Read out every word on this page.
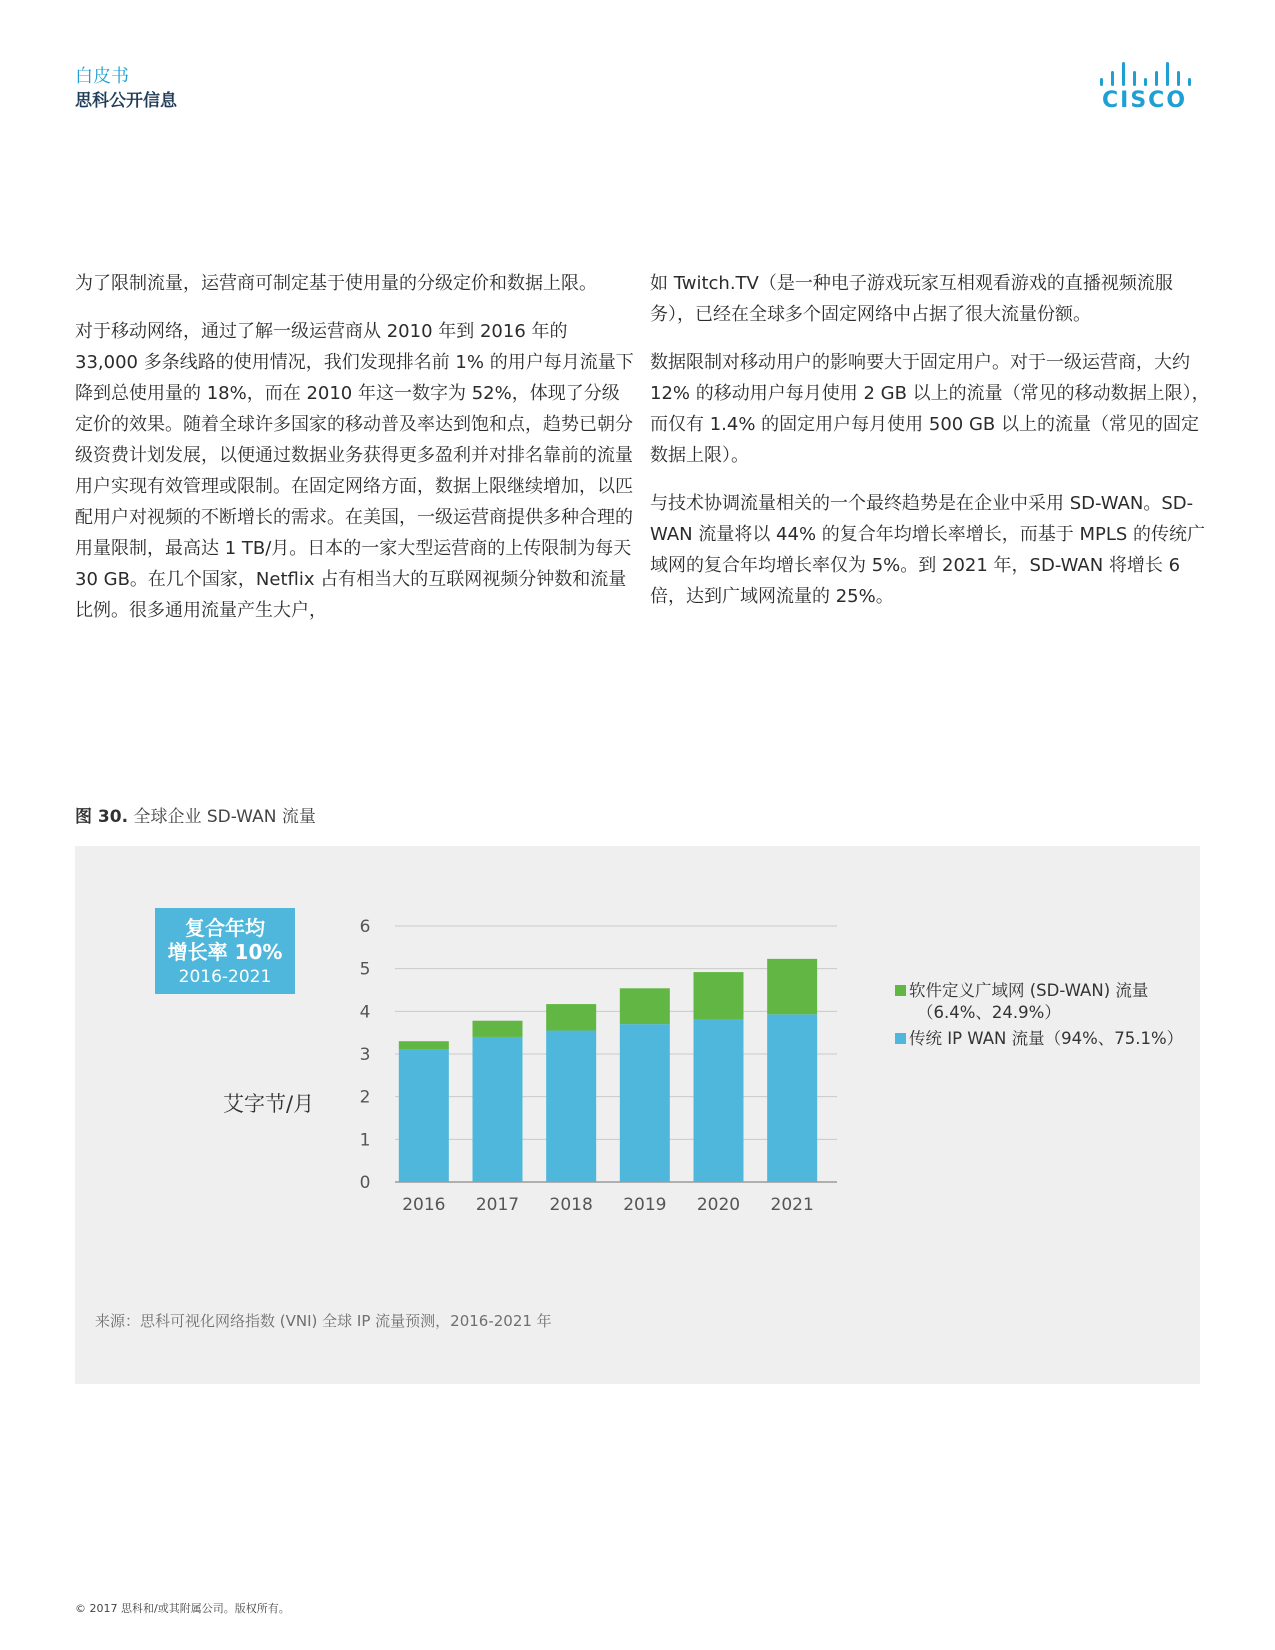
白皮书
思科公开信息	CISCO

为了限制流量，运营商可制定基于使用量的分级定价和数据上限。

对于移动网络，通过了解一级运营商从 2010 年到 2016 年的 33,000 多条线路的使用情况，我们发现排名前 1% 的用户每月流量下降到总使用量的 18%，而在 2010 年这一数字为 52%，体现了分级定价的效果。随着全球许多国家的移动普及率达到饱和点，趋势已朝分级资费计划发展，以便通过数据业务获得更多盈利并对排名靠前的流量用户实现有效管理或限制。在固定网络方面，数据上限继续增加，以匹配用户对视频的不断增长的需求。在美国，一级运营商提供多种合理的用量限制，最高达 1 TB/月。日本的一家大型运营商的上传限制为每天 30 GB。在几个国家，Netflix 占有相当大的互联网视频分钟数和流量比例。很多通用流量产生大户，

如 Twitch.TV（是一种电子游戏玩家互相观看游戏的直播视频流服务），已经在全球多个固定网络中占据了很大流量份额。

数据限制对移动用户的影响要大于固定用户。对于一级运营商，大约 12% 的移动用户每月使用 2 GB 以上的流量（常见的移动数据上限），而仅有 1.4% 的固定用户每月使用 500 GB 以上的流量（常见的固定数据上限）。

与技术协调流量相关的一个最终趋势是在企业中采用 SD-WAN。SD-WAN 流量将以 44% 的复合年均增长率增长，而基于 MPLS 的传统广域网的复合年均增长率仅为 5%。到 2021 年，SD-WAN 将增长 6 倍，达到广域网流量的 25%。

图 30. 全球企业 SD-WAN 流量
复合年均
增长率 10%
2016-2021
艾字节/月
0
1
2
3
4
5
6
2016 2017 2018 2019 2020 2021
软件定义广域网 (SD-WAN) 流量
（6.4%、24.9%）
传统 IP WAN 流量（94%、75.1%）
来源：思科可视化网络指数 (VNI) 全球 IP 流量预测，2016-2021 年
© 2017 思科和/或其附属公司。版权所有。
